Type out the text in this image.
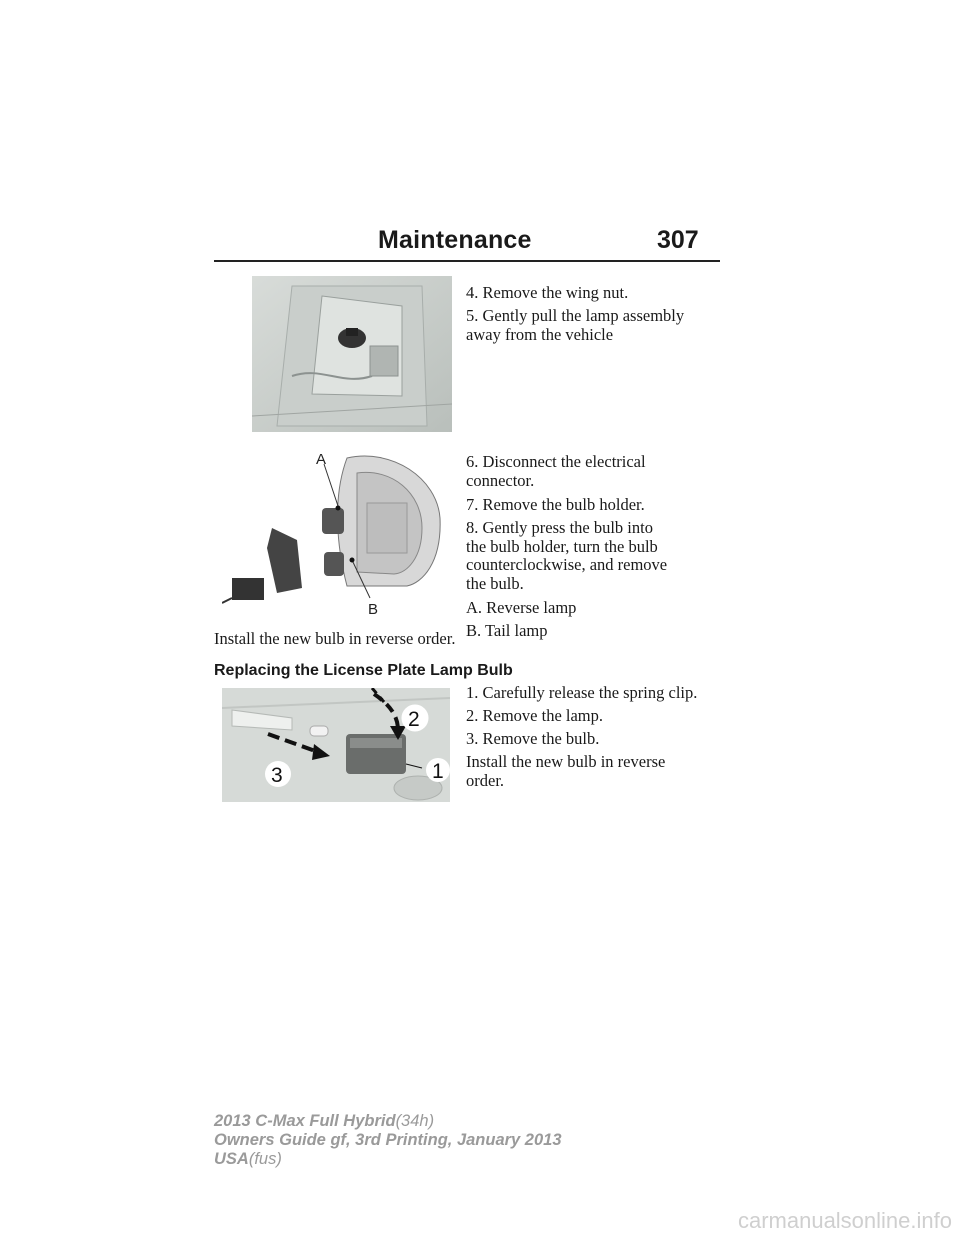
Maintenance	307
4. Remove the wing nut.
5. Gently pull the lamp assembly
away from the vehicle
A
B
6. Disconnect the electrical
connector.
7. Remove the bulb holder.
8. Gently press the bulb into
the bulb holder, turn the bulb
counterclockwise, and remove
the bulb.
A. Reverse lamp
B. Tail lamp
Install the new bulb in reverse order.
Replacing the License Plate Lamp Bulb
2
1
3
1. Carefully release the spring clip.
2. Remove the lamp.
3. Remove the bulb.
Install the new bulb in reverse
order.
2013 C-Max Full Hybrid(34h)
Owners Guide gf, 3rd Printing, January 2013
USA(fus)
carmanualsonline.info
